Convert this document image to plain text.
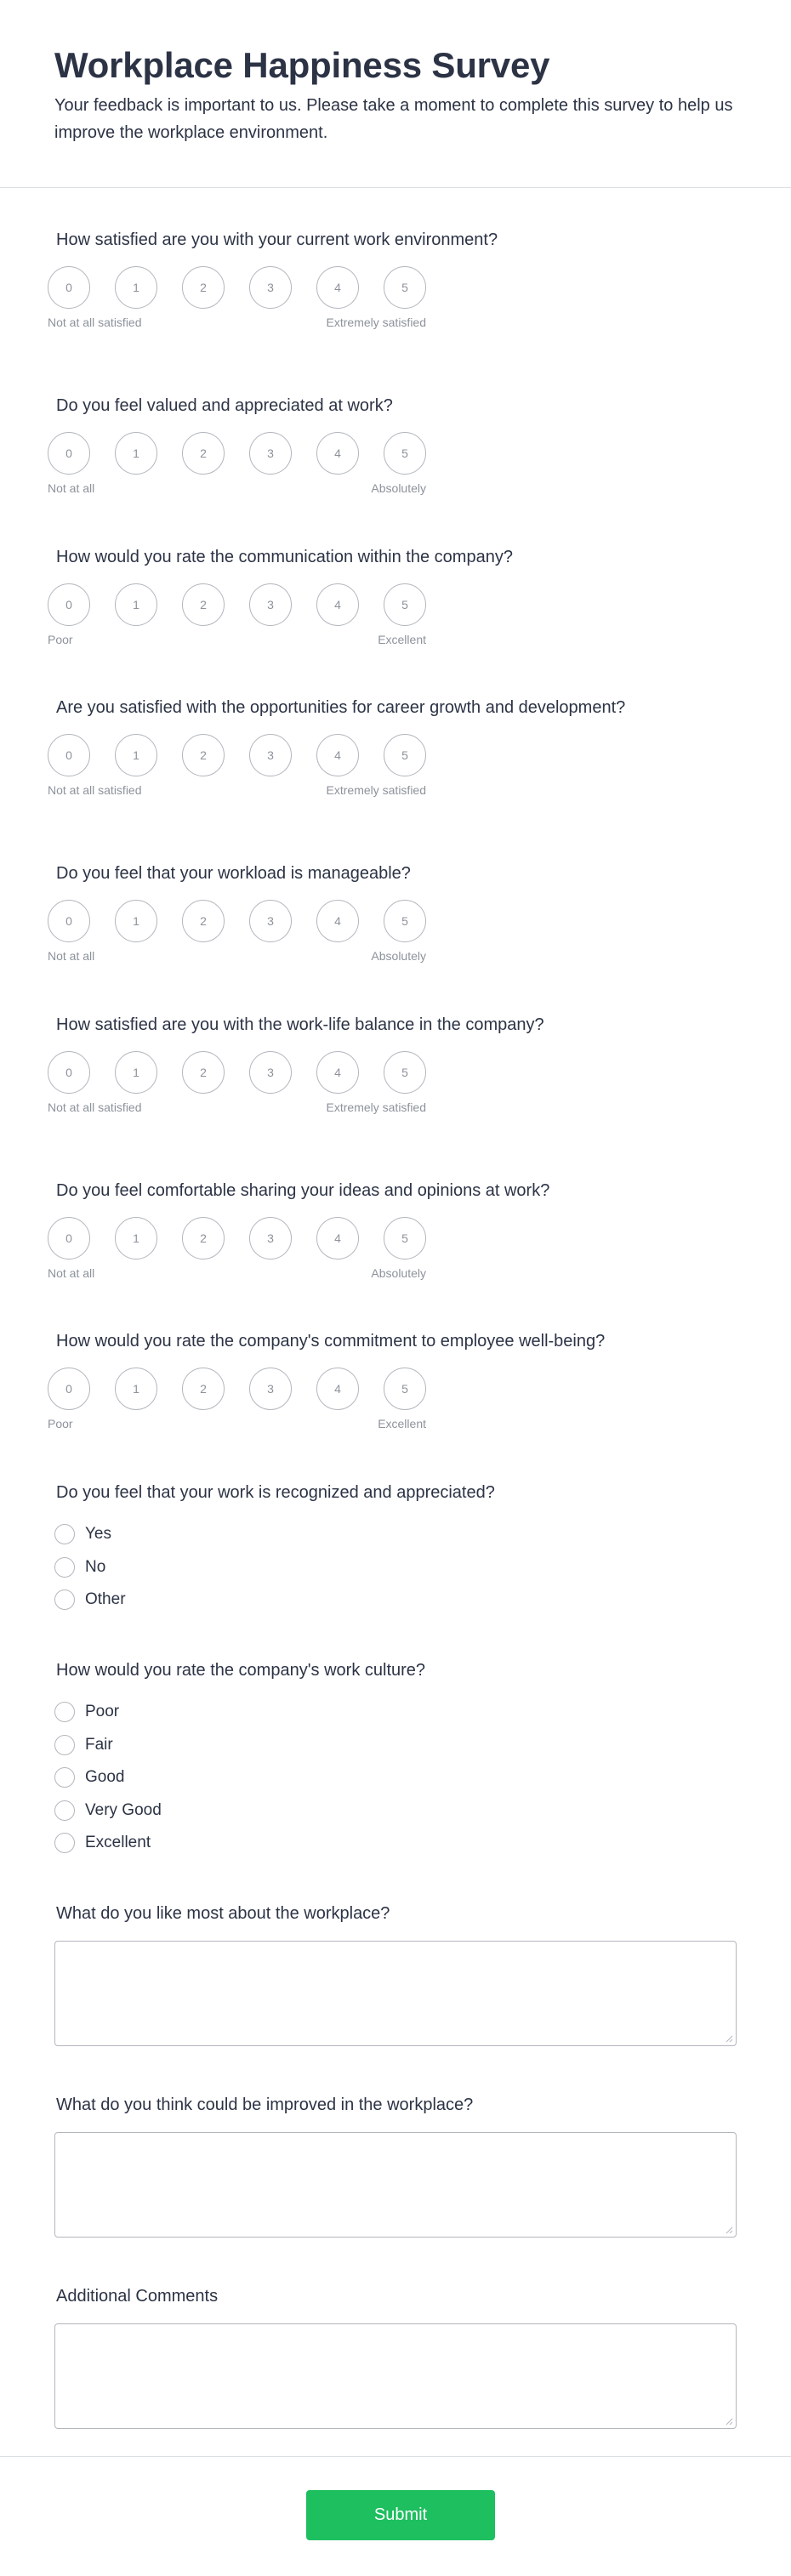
Workplace Happiness Survey

Your feedback is important to us. Please take a moment to complete this survey to help us improve the workplace environment.

How satisfied are you with your current work environment?
0	1	2	3	4	5
Not at all satisfied	Extremely satisfied
Do you feel valued and appreciated at work?
0	1	2	3	4	5
Not at all	Absolutely
How would you rate the communication within the company?
0	1	2	3	4	5
Poor	Excellent
Are you satisfied with the opportunities for career growth and development?
0	1	2	3	4	5
Not at all satisfied	Extremely satisfied
Do you feel that your workload is manageable?
0	1	2	3	4	5
Not at all	Absolutely
How satisfied are you with the work-life balance in the company?
0	1	2	3	4	5
Not at all satisfied	Extremely satisfied
Do you feel comfortable sharing your ideas and opinions at work?
0	1	2	3	4	5
Not at all	Absolutely
How would you rate the company's commitment to employee well-being?
0	1	2	3	4	5
Poor	Excellent
Do you feel that your work is recognized and appreciated?
Yes
No
Other
How would you rate the company's work culture?
Poor
Fair
Good
Very Good
Excellent
What do you like most about the workplace?
What do you think could be improved in the workplace?
Additional Comments
Submit
